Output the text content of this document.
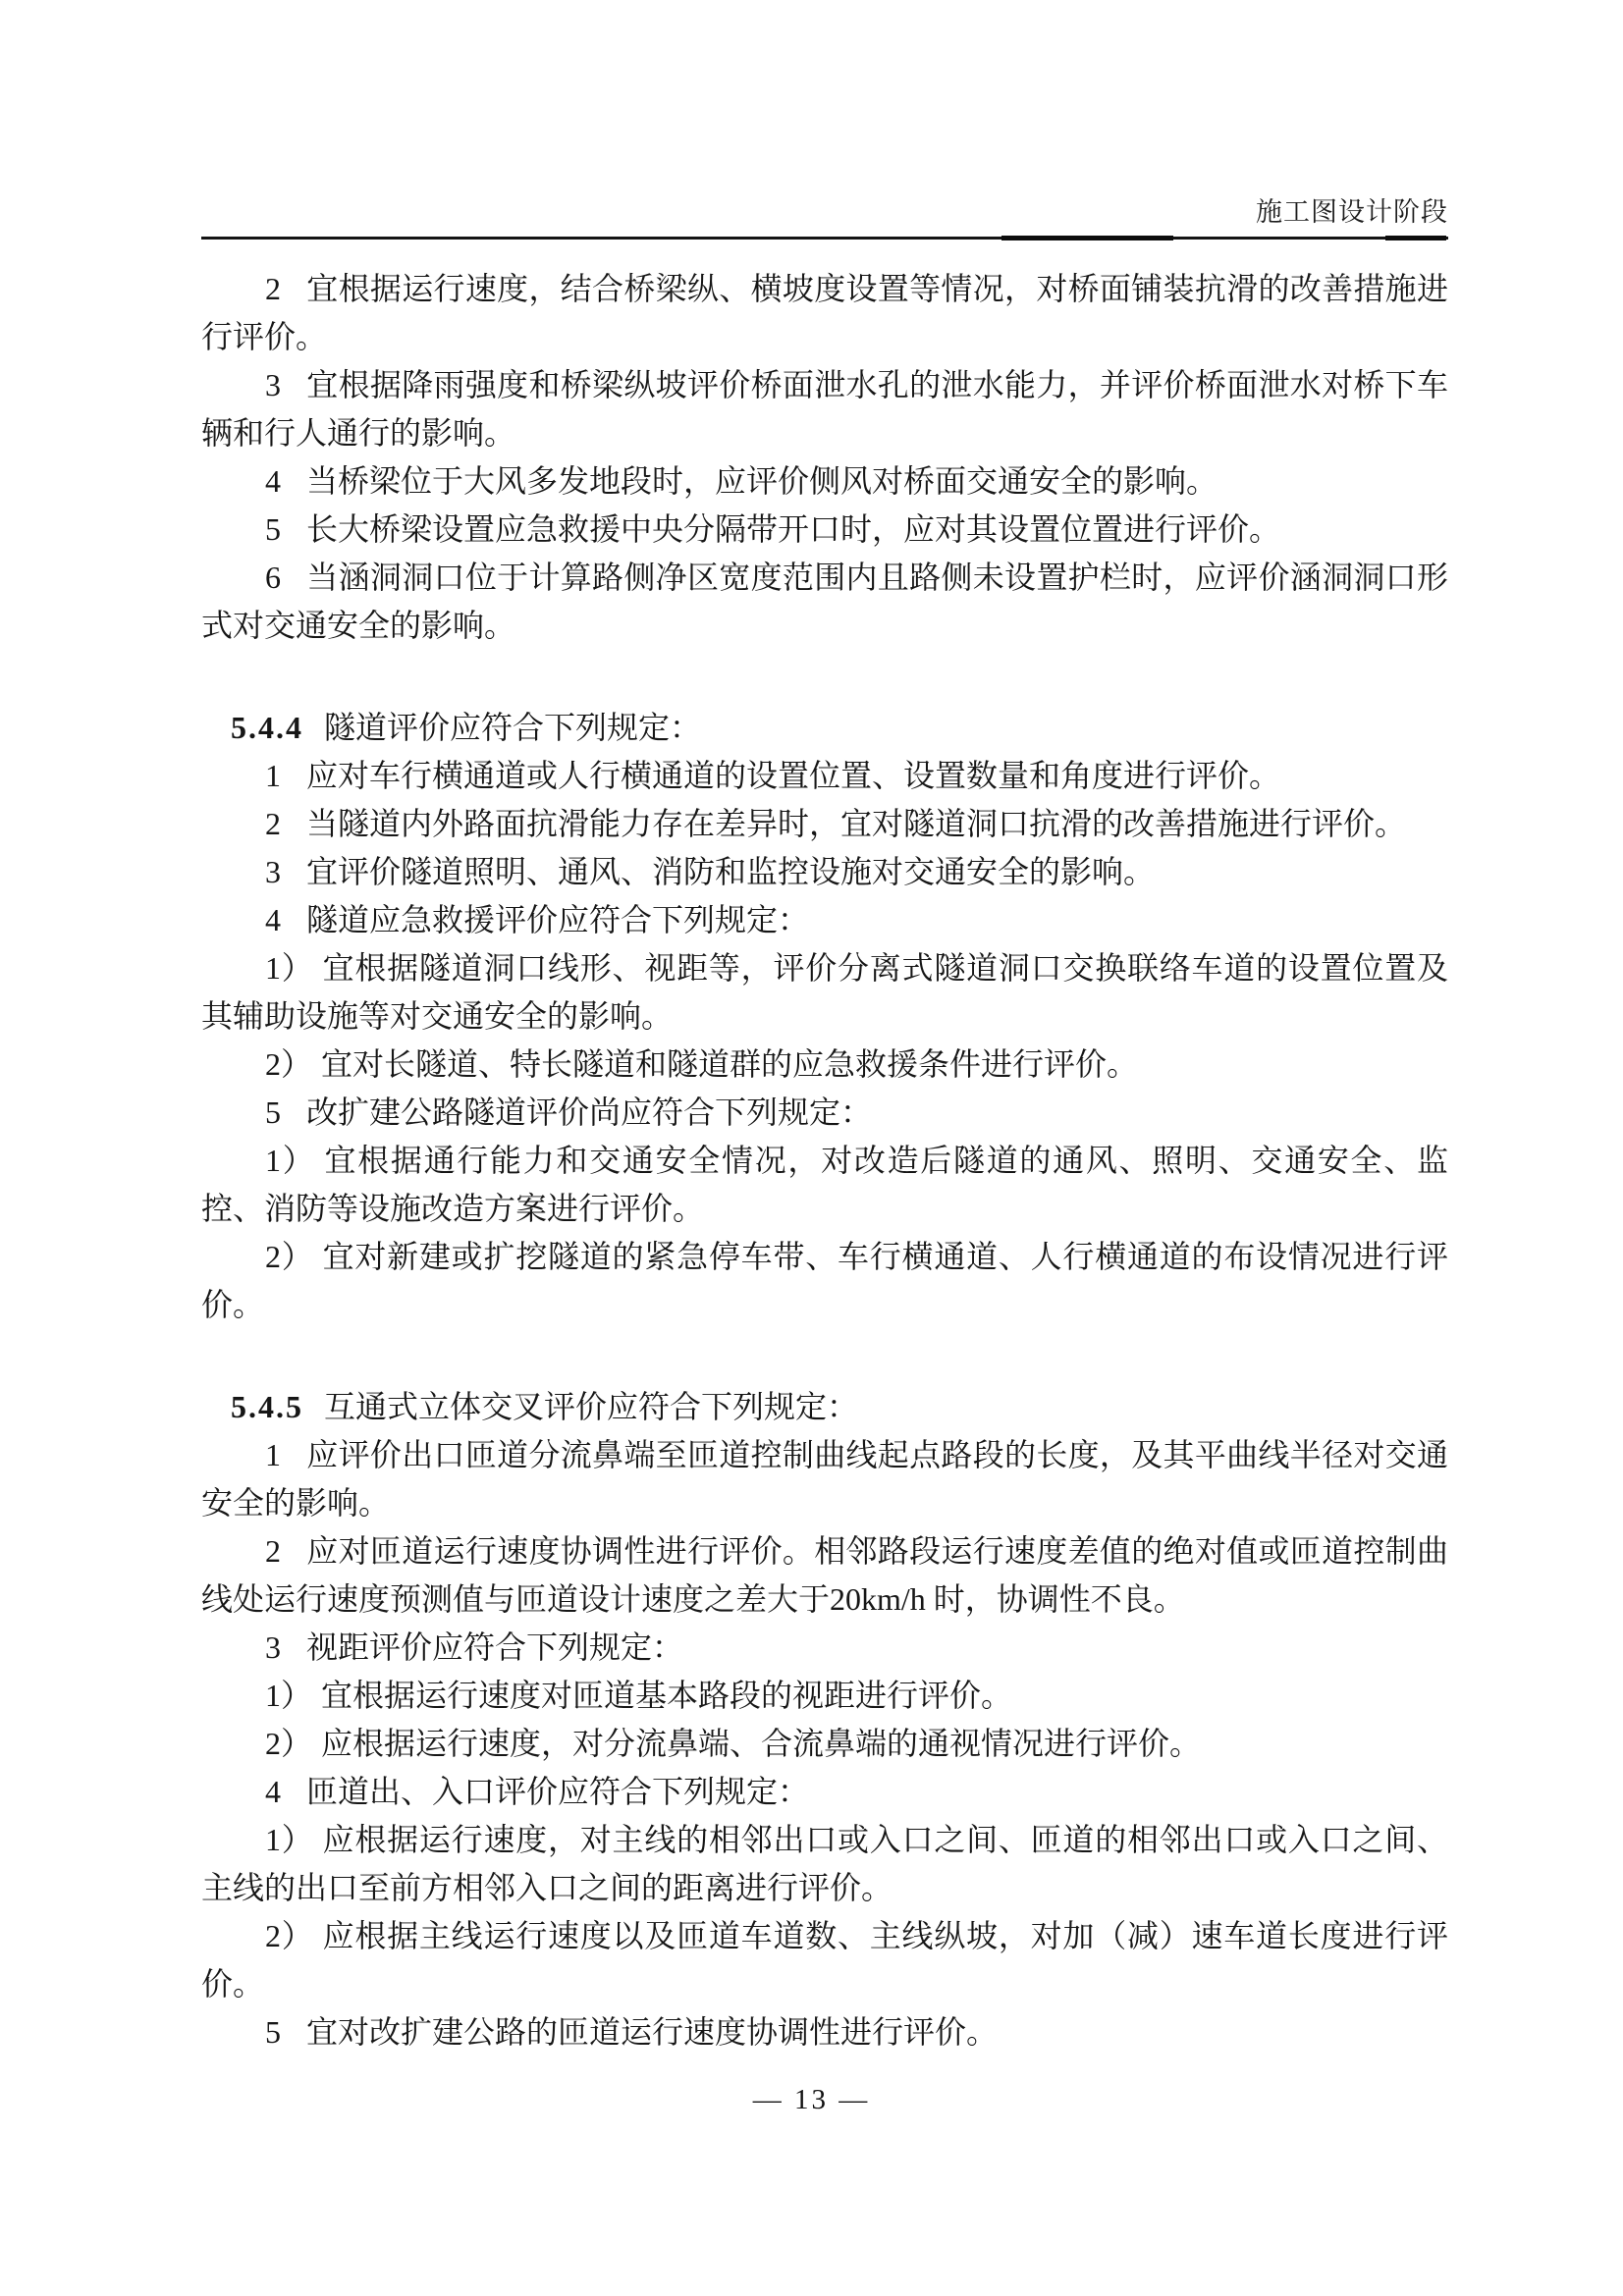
施工图设计阶段

2 宜根据运行速度，结合桥梁纵、横坡度设置等情况，对桥面铺装抗滑的改善措施进行评价。

3 宜根据降雨强度和桥梁纵坡评价桥面泄水孔的泄水能力，并评价桥面泄水对桥下车辆和行人通行的影响。

4 当桥梁位于大风多发地段时，应评价侧风对桥面交通安全的影响。

5 长大桥梁设置应急救援中央分隔带开口时，应对其设置位置进行评价。

6 当涵洞洞口位于计算路侧净区宽度范围内且路侧未设置护栏时，应评价涵洞洞口形式对交通安全的影响。

5.4.4 隧道评价应符合下列规定：

1 应对车行横通道或人行横通道的设置位置、设置数量和角度进行评价。

2 当隧道内外路面抗滑能力存在差异时，宜对隧道洞口抗滑的改善措施进行评价。

3 宜评价隧道照明、通风、消防和监控设施对交通安全的影响。

4 隧道应急救援评价应符合下列规定：

1） 宜根据隧道洞口线形、视距等，评价分离式隧道洞口交换联络车道的设置位置及其辅助设施等对交通安全的影响。

2） 宜对长隧道、特长隧道和隧道群的应急救援条件进行评价。

5 改扩建公路隧道评价尚应符合下列规定：

1） 宜根据通行能力和交通安全情况，对改造后隧道的通风、照明、交通安全、监控、消防等设施改造方案进行评价。

2） 宜对新建或扩挖隧道的紧急停车带、车行横通道、人行横通道的布设情况进行评价。

5.4.5 互通式立体交叉评价应符合下列规定：

1 应评价出口匝道分流鼻端至匝道控制曲线起点路段的长度，及其平曲线半径对交通安全的影响。

2 应对匝道运行速度协调性进行评价。相邻路段运行速度差值的绝对值或匝道控制曲线处运行速度预测值与匝道设计速度之差大于20km/h 时，协调性不良。

3 视距评价应符合下列规定：

1） 宜根据运行速度对匝道基本路段的视距进行评价。

2） 应根据运行速度，对分流鼻端、合流鼻端的通视情况进行评价。

4 匝道出、入口评价应符合下列规定：

1） 应根据运行速度，对主线的相邻出口或入口之间、匝道的相邻出口或入口之间、主线的出口至前方相邻入口之间的距离进行评价。

2） 应根据主线运行速度以及匝道车道数、主线纵坡，对加（减）速车道长度进行评价。

5 宜对改扩建公路的匝道运行速度协调性进行评价。

— 13 —
